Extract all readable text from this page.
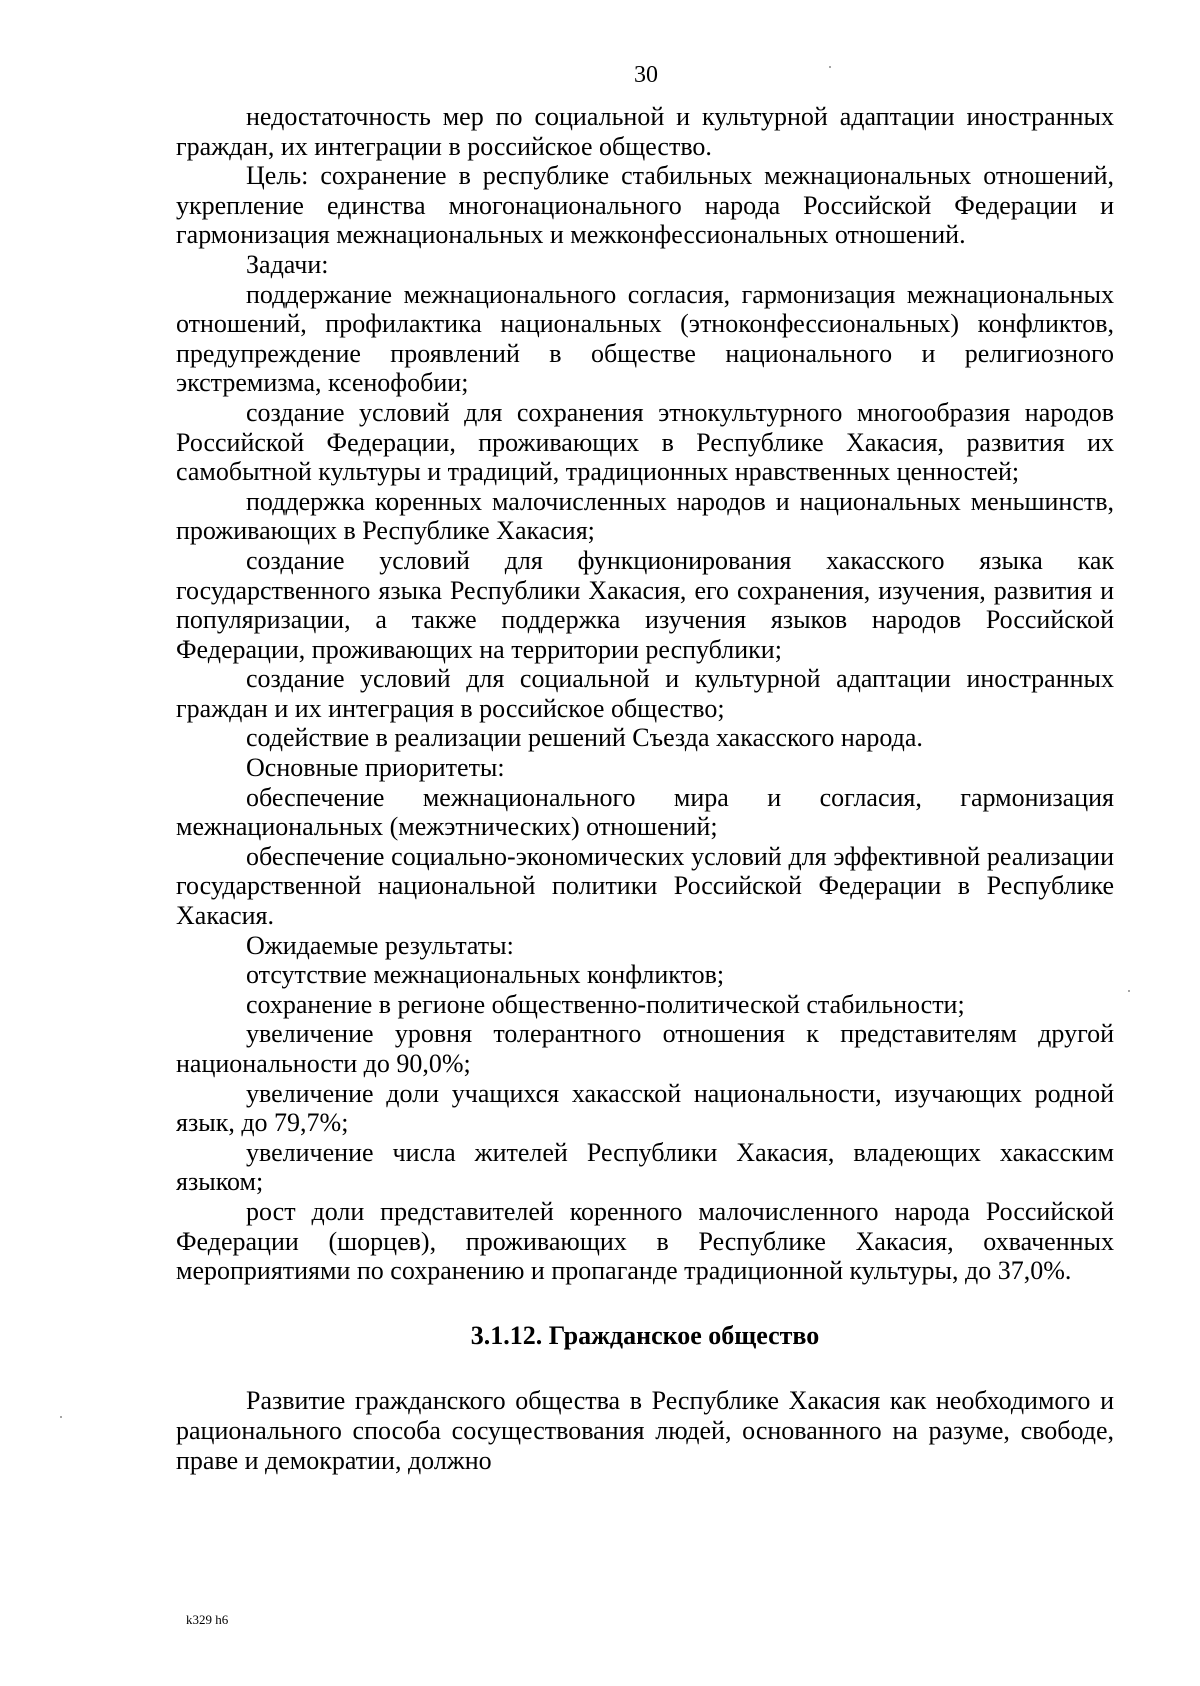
30

недостаточность мер по социальной и культурной адаптации иностранных граждан, их интеграции в российское общество.

Цель: сохранение в республике стабильных межнациональных отношений, укрепление единства многонационального народа Российской Федерации и гармонизация межнациональных и межконфессиональных отношений.

Задачи:

поддержание межнационального согласия, гармонизация межнациональных отношений, профилактика национальных (этноконфессиональных) конфликтов, предупреждение проявлений в обществе национального и религиозного экстремизма, ксенофобии;

создание условий для сохранения этнокультурного многообразия народов Российской Федерации, проживающих в Республике Хакасия, развития их самобытной культуры и традиций, традиционных нравственных ценностей;

поддержка коренных малочисленных народов и национальных меньшинств, проживающих в Республике Хакасия;

создание условий для функционирования хакасского языка как государственного языка Республики Хакасия, его сохранения, изучения, развития и популяризации, а также поддержка изучения языков народов Российской Федерации, проживающих на территории республики;

создание условий для социальной и культурной адаптации иностранных граждан и их интеграция в российское общество;

содействие в реализации решений Съезда хакасского народа.

Основные приоритеты:

обеспечение межнационального мира и согласия, гармонизация межнациональных (межэтнических) отношений;

обеспечение социально-экономических условий для эффективной реализации государственной национальной политики Российской Федерации в Республике Хакасия.

Ожидаемые результаты:

отсутствие межнациональных конфликтов;

сохранение в регионе общественно-политической стабильности;

увеличение уровня толерантного отношения к представителям другой национальности до 90,0%;

увеличение доли учащихся хакасской национальности, изучающих родной язык, до 79,7%;

увеличение числа жителей Республики Хакасия, владеющих хакасским языком;

рост доли представителей коренного малочисленного народа Российской Федерации (шорцев), проживающих в Республике Хакасия, охваченных мероприятиями по сохранению и пропаганде традиционной культуры, до 37,0%.

3.1.12. Гражданское общество

Развитие гражданского общества в Республике Хакасия как необходимого и рационального способа сосуществования людей, основанного на разуме, свободе, праве и демократии, должно

k329 h6
